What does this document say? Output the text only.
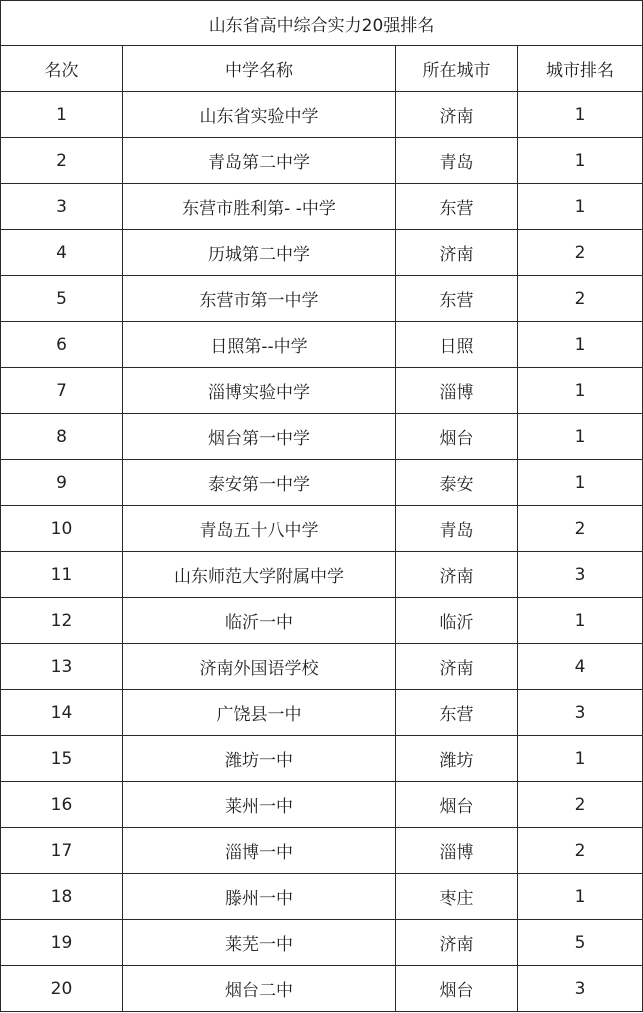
山东省高中综合实力20强排名			
名次	中学名称	所在城市	城市排名
1	山东省实验中学	济南	1
2	青岛第二中学	青岛	1
3	东营市胜利第- -中学	东营	1
4	历城第二中学	济南	2
5	东营市第一中学	东营	2
6	日照第--中学	日照	1
7	淄博实验中学	淄博	1
8	烟台第一中学	烟台	1
9	泰安第一中学	泰安	1
10	青岛五十八中学	青岛	2
11	山东师范大学附属中学	济南	3
12	临沂一中	临沂	1
13	济南外国语学校	济南	4
14	广饶县一中	东营	3
15	潍坊一中	潍坊	1
16	莱州一中	烟台	2
17	淄博一中	淄博	2
18	滕州一中	枣庄	1
19	莱芜一中	济南	5
20	烟台二中	烟台	3
